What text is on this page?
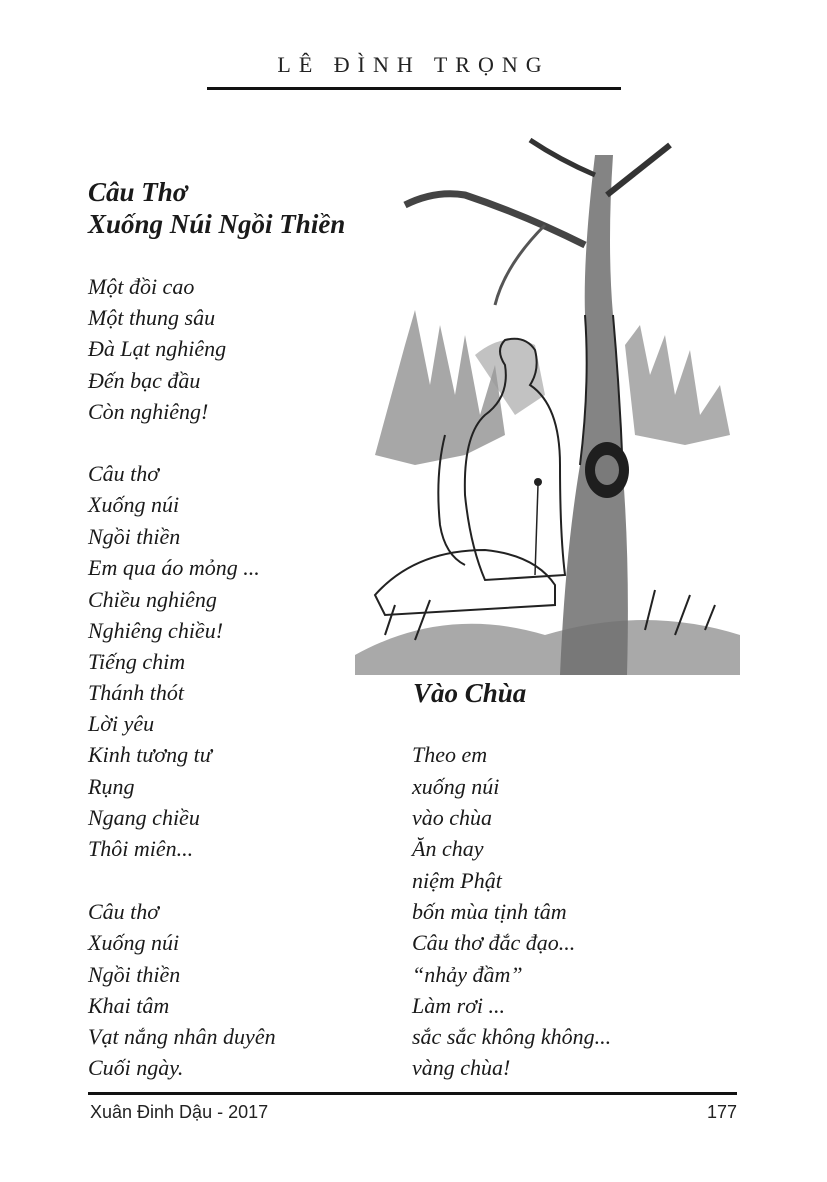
LÊ ĐÌNH TRỌNG
Câu Thơ
Xuống Núi Ngồi Thiền
Một đồi cao
Một thung sâu
Đà Lạt nghiêng
Đến bạc đầu
Còn nghiêng!
Câu thơ
Xuống núi
Ngồi thiền
Em qua áo mỏng ...
Chiều nghiêng
Nghiêng chiều!
Tiếng chim
Thánh thót
Lời yêu
Kinh tương tư
Rụng
Ngang chiều
Thôi miên...
Câu thơ
Xuống núi
Ngồi thiền
Khai tâm
Vạt nắng nhân duyên
Cuối ngày.
Vào Chùa
Theo em
xuống núi
vào chùa
Ăn chay
niệm Phật
bốn mùa tịnh tâm
Câu thơ đắc đạo...
“nhảy đầm”
Làm rơi ...
sắc sắc không không...
vàng chùa!
Xuân Đinh Dậu - 2017	177
